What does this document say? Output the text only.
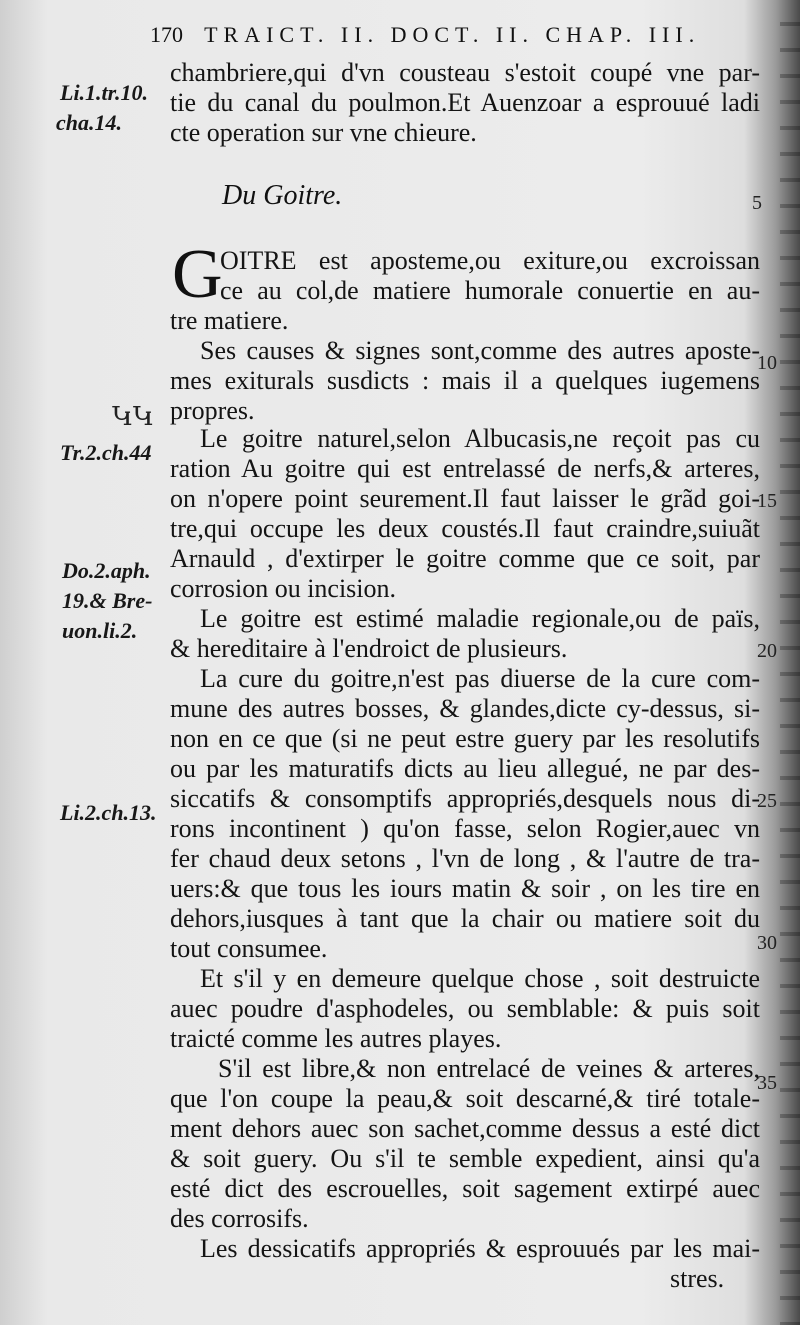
170 TRAICT. II. DOCT. II. CHAP. III.
Li.1.tr.10.
cha.14.
Tr.2.ch.44
Do.2.aph.
19.& Bre-
uon.li.2.
Li.2.ch.13.
ԿԿ
5
10
15
20
25
30
35
Du Goitre.
G
chambriere,qui d'vn cousteau s'estoit coupé vne par-
tie du canal du poulmon.Et Auenzoar a esprouué ladi
cte operation sur vne chieure.
OITRE est aposteme,ou exiture,ou excroissan
ce au col,de matiere humorale conuertie en au-
tre matiere.
Ses causes & signes sont,comme des autres aposte-
mes exiturals susdicts : mais il a quelques iugemens
propres.
Le goitre naturel,selon Albucasis,ne reçoit pas cu
ration Au goitre qui est entrelassé de nerfs,& arteres,
on n'opere point seurement.Il faut laisser le grãd goi-
tre,qui occupe les deux coustés.Il faut craindre,suiuãt
Arnauld , d'extirper le goitre comme que ce soit, par
corrosion ou incision.
Le goitre est estimé maladie regionale,ou de païs,
& hereditaire à l'endroict de plusieurs.
La cure du goitre,n'est pas diuerse de la cure com-
mune des autres bosses, & glandes,dicte cy-dessus, si-
non en ce que (si ne peut estre guery par les resolutifs
ou par les maturatifs dicts au lieu allegué, ne par des-
siccatifs & consomptifs appropriés,desquels nous di-
rons incontinent ) qu'on fasse, selon Rogier,auec vn
fer chaud deux setons , l'vn de long , & l'autre de tra-
uers:& que tous les iours matin & soir , on les tire en
dehors,iusques à tant que la chair ou matiere soit du
tout consumee.
Et s'il y en demeure quelque chose , soit destruicte
auec poudre d'asphodeles, ou semblable: & puis soit
traicté comme les autres playes.
S'il est libre,& non entrelacé de veines & arteres,
que l'on coupe la peau,& soit descarné,& tiré totale-
ment dehors auec son sachet,comme dessus a esté dict
& soit guery. Ou s'il te semble expedient, ainsi qu'a
esté dict des escrouelles, soit sagement extirpé auec
des corrosifs.
Les dessicatifs appropriés & esprouués par les mai-
stres.
